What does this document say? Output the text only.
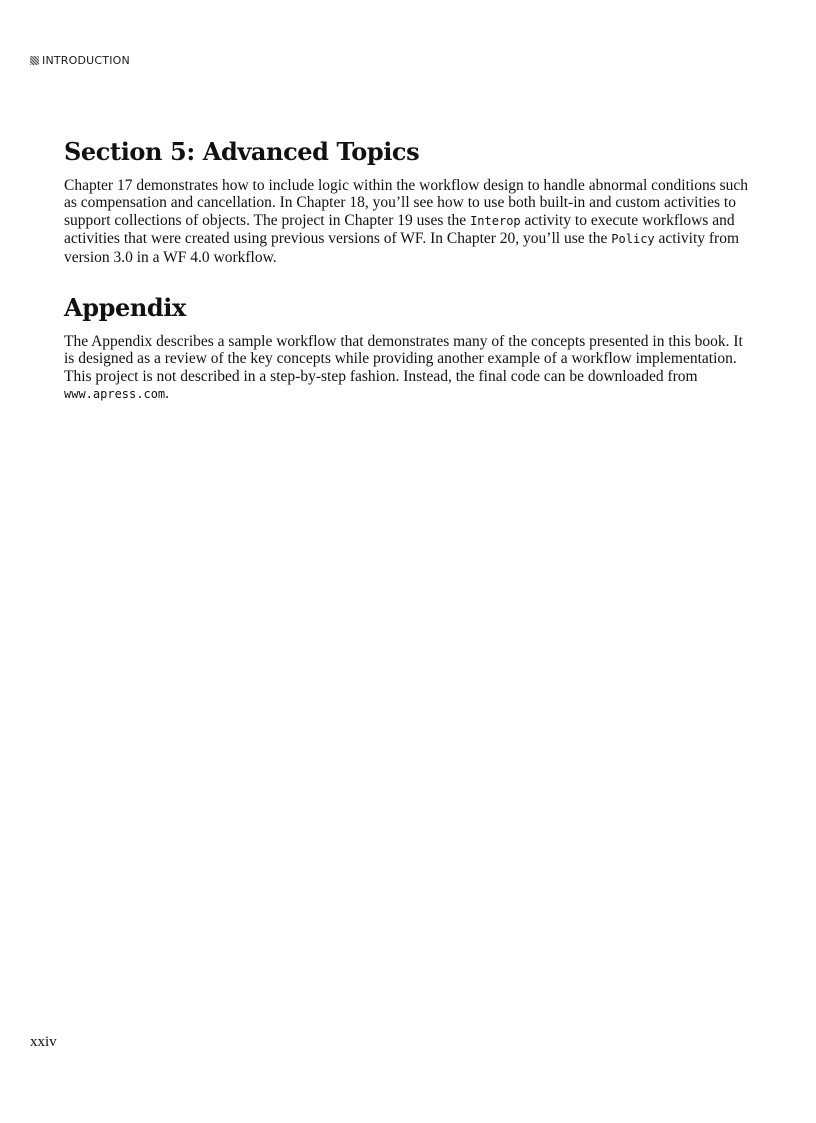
INTRODUCTION
Section 5: Advanced Topics

Chapter 17 demonstrates how to include logic within the workflow design to handle abnormal conditions such as compensation and cancellation. In Chapter 18, you’ll see how to use both built-in and custom activities to support collections of objects. The project in Chapter 19 uses the Interop activity to execute workflows and activities that were created using previous versions of WF. In Chapter 20, you’ll use the Policy activity from version 3.0 in a WF 4.0 workflow.

Appendix

The Appendix describes a sample workflow that demonstrates many of the concepts presented in this book. It is designed as a review of the key concepts while providing another example of a workflow implementation. This project is not described in a step-by-step fashion. Instead, the final code can be downloaded from www.apress.com.

xxiv
